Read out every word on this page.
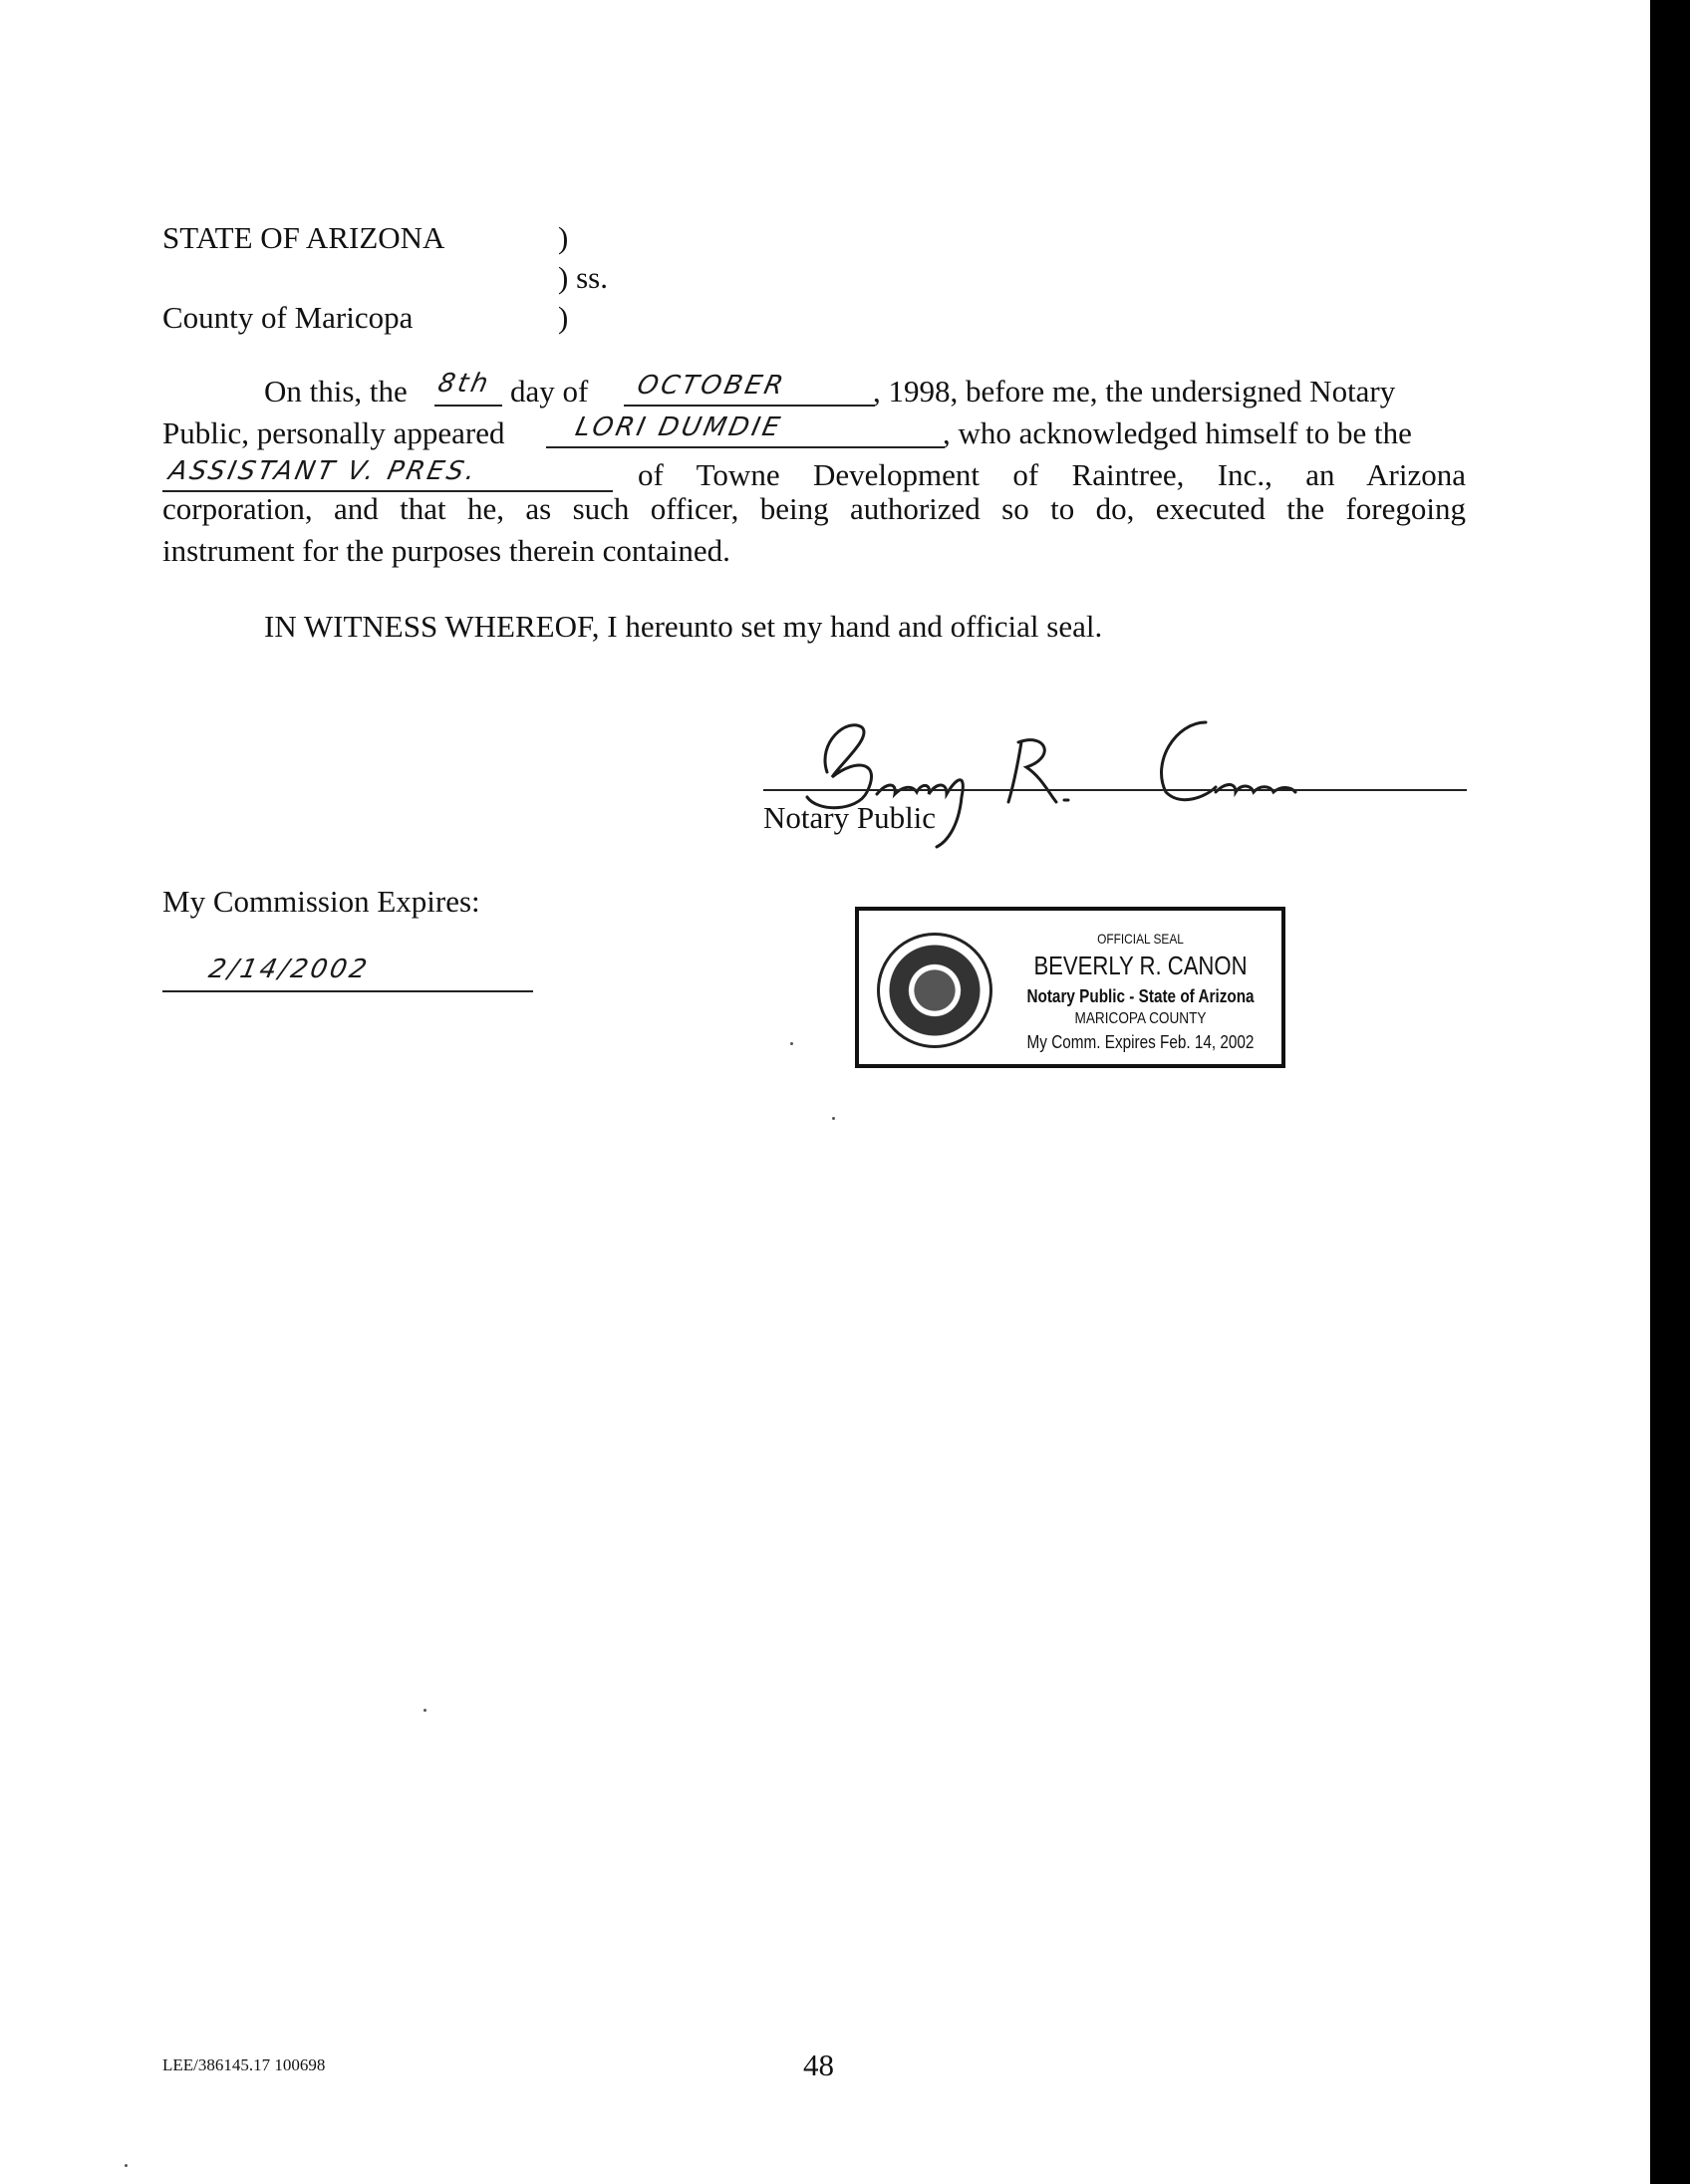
STATE OF ARIZONA	)
) ss.
County of Maricopa	)
On this, the 8th day of OCTOBER	, 1998, before me, the undersigned Notary
Public, personally appeared	LORI DUMDIE	, who acknowledged himself to be the
ASSISTANT V. PRES.	of Towne Development of Raintree, Inc., an Arizona
corporation, and that he, as such officer, being authorized so to do, executed the foregoing
instrument for the purposes therein contained.
IN WITNESS WHEREOF, I hereunto set my hand and official seal.
Notary Public
My Commission Expires:
2/14/2002
OFFICIAL SEAL
BEVERLY R. CANON
Notary Public - State of Arizona
MARICOPA COUNTY
My Comm. Expires Feb. 14, 2002
LEE/386145.17 100698	48
